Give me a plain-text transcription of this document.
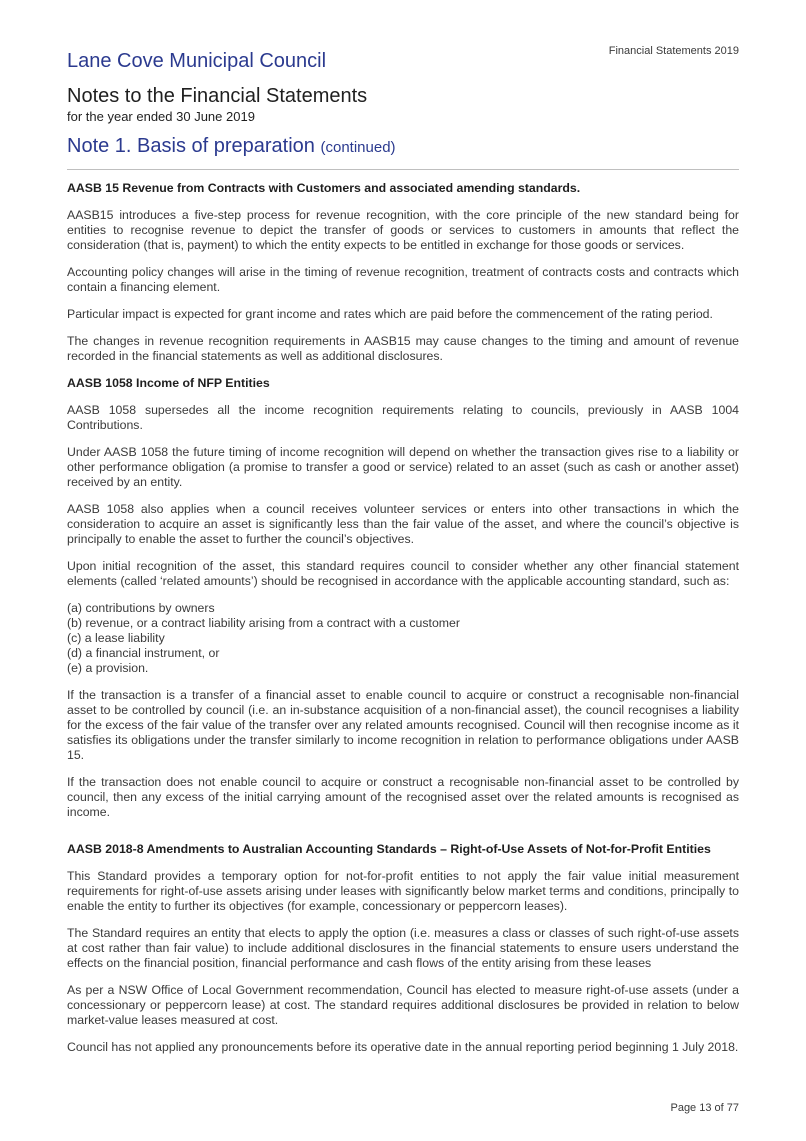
Financial Statements 2019
Lane Cove Municipal Council
Notes to the Financial Statements
for the year ended 30 June 2019
Note 1. Basis of preparation (continued)
AASB 15 Revenue from Contracts with Customers and associated amending standards.

AASB15 introduces a five-step process for revenue recognition, with the core principle of the new standard being for entities to recognise revenue to depict the transfer of goods or services to customers in amounts that reflect the consideration (that is, payment) to which the entity expects to be entitled in exchange for those goods or services.

Accounting policy changes will arise in the timing of revenue recognition, treatment of contracts costs and contracts which contain a financing element.

Particular impact is expected for grant income and rates which are paid before the commencement of the rating period.

The changes in revenue recognition requirements in AASB15 may cause changes to the timing and amount of revenue recorded in the financial statements as well as additional disclosures.

AASB 1058 Income of NFP Entities

AASB 1058 supersedes all the income recognition requirements relating to councils, previously in AASB 1004 Contributions.

Under AASB 1058 the future timing of income recognition will depend on whether the transaction gives rise to a liability or other performance obligation (a promise to transfer a good or service) related to an asset (such as cash or another asset) received by an entity.

AASB 1058 also applies when a council receives volunteer services or enters into other transactions in which the consideration to acquire an asset is significantly less than the fair value of the asset, and where the council’s objective is principally to enable the asset to further the council’s objectives.

Upon initial recognition of the asset, this standard requires council to consider whether any other financial statement elements (called ‘related amounts’) should be recognised in accordance with the applicable accounting standard, such as:

(a) contributions by owners
(b) revenue, or a contract liability arising from a contract with a customer
(c) a lease liability
(d) a financial instrument, or
(e) a provision.

If the transaction is a transfer of a financial asset to enable council to acquire or construct a recognisable non-financial asset to be controlled by council (i.e. an in-substance acquisition of a non-financial asset), the council recognises a liability for the excess of the fair value of the transfer over any related amounts recognised. Council will then recognise income as it satisfies its obligations under the transfer similarly to income recognition in relation to performance obligations under AASB 15.

If the transaction does not enable council to acquire or construct a recognisable non-financial asset to be controlled by council, then any excess of the initial carrying amount of the recognised asset over the related amounts is recognised as income.

AASB 2018-8 Amendments to Australian Accounting Standards – Right-of-Use Assets of Not-for-Profit Entities

This Standard provides a temporary option for not-for-profit entities to not apply the fair value initial measurement requirements for right-of-use assets arising under leases with significantly below market terms and conditions, principally to enable the entity to further its objectives (for example, concessionary or peppercorn leases).

The Standard requires an entity that elects to apply the option (i.e. measures a class or classes of such right-of-use assets at cost rather than fair value) to include additional disclosures in the financial statements to ensure users understand the effects on the financial position, financial performance and cash flows of the entity arising from these leases

As per a NSW Office of Local Government recommendation, Council has elected to measure right-of-use assets (under a concessionary or peppercorn lease) at cost. The standard requires additional disclosures be provided in relation to below market-value leases measured at cost.

Council has not applied any pronouncements before its operative date in the annual reporting period beginning 1 July 2018.

Page 13 of 77
